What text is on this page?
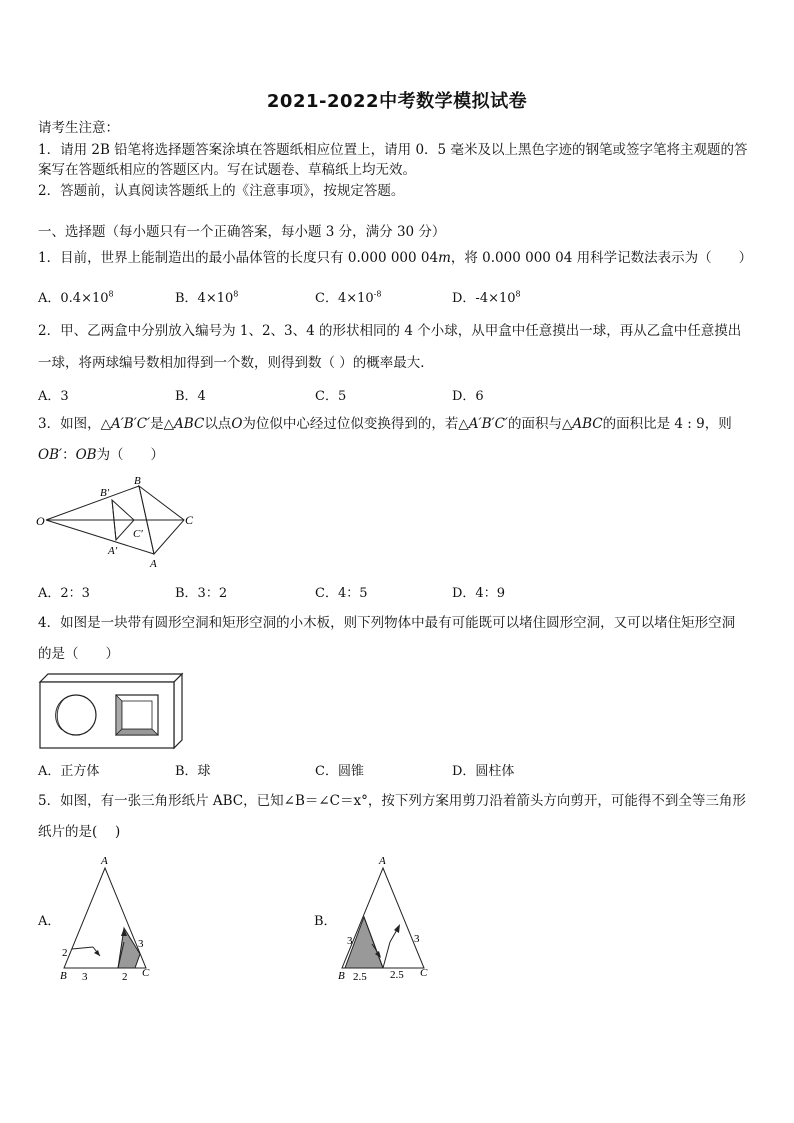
2021-2022中考数学模拟试卷
请考生注意：
1．请用 2B 铅笔将选择题答案涂填在答题纸相应位置上，请用 0．5 毫米及以上黑色字迹的钢笔或签字笔将主观题的答
案写在答题纸相应的答题区内。写在试题卷、草稿纸上均无效。
2．答题前，认真阅读答题纸上的《注意事项》，按规定答题。
一、选择题（每小题只有一个正确答案，每小题 3 分，满分 30 分）
1．目前，世界上能制造出的最小晶体管的长度只有 0.000 000 04m，将 0.000 000 04 用科学记数法表示为（　　）
A．$0.4\times 10^8$	B．$4\times 10^8$	C．$4\times 10^{-8}$	D．$-4\times 10^8$
2．甲、乙两盒中分别放入编号为 1、2、3、4 的形状相同的 4 个小球，从甲盒中任意摸出一球，再从乙盒中任意摸出
一球，将两球编号数相加得到一个数，则得到数（ ）的概率最大．
A．3	B．4	C．5	D．6
3．如图，△A′B′C′是△ABC以点O为位似中心经过位似变换得到的，若△A′B′C′的面积与△ABC的面积比是 4 : 9，则
OB′：OB为（　　）
O
B′
B
C′
C
A′
A
A．2：3	B．3：2	C．4：5	D．4：9
4．如图是一块带有圆形空洞和矩形空洞的小木板，则下列物体中最有可能既可以堵住圆形空洞，又可以堵住矩形空洞
的是（　　）
A．正方体	B．球	C．圆锥	D．圆柱体
5．如图，有一张三角形纸片 ABC，已知∠B＝∠C＝x°，按下列方案用剪刀沿着箭头方向剪开，可能得不到全等三角形
纸片的是(　 )
A．
A
B	C
2
3	2
3
B．
A
B	C
3
2.5 2.5
3
